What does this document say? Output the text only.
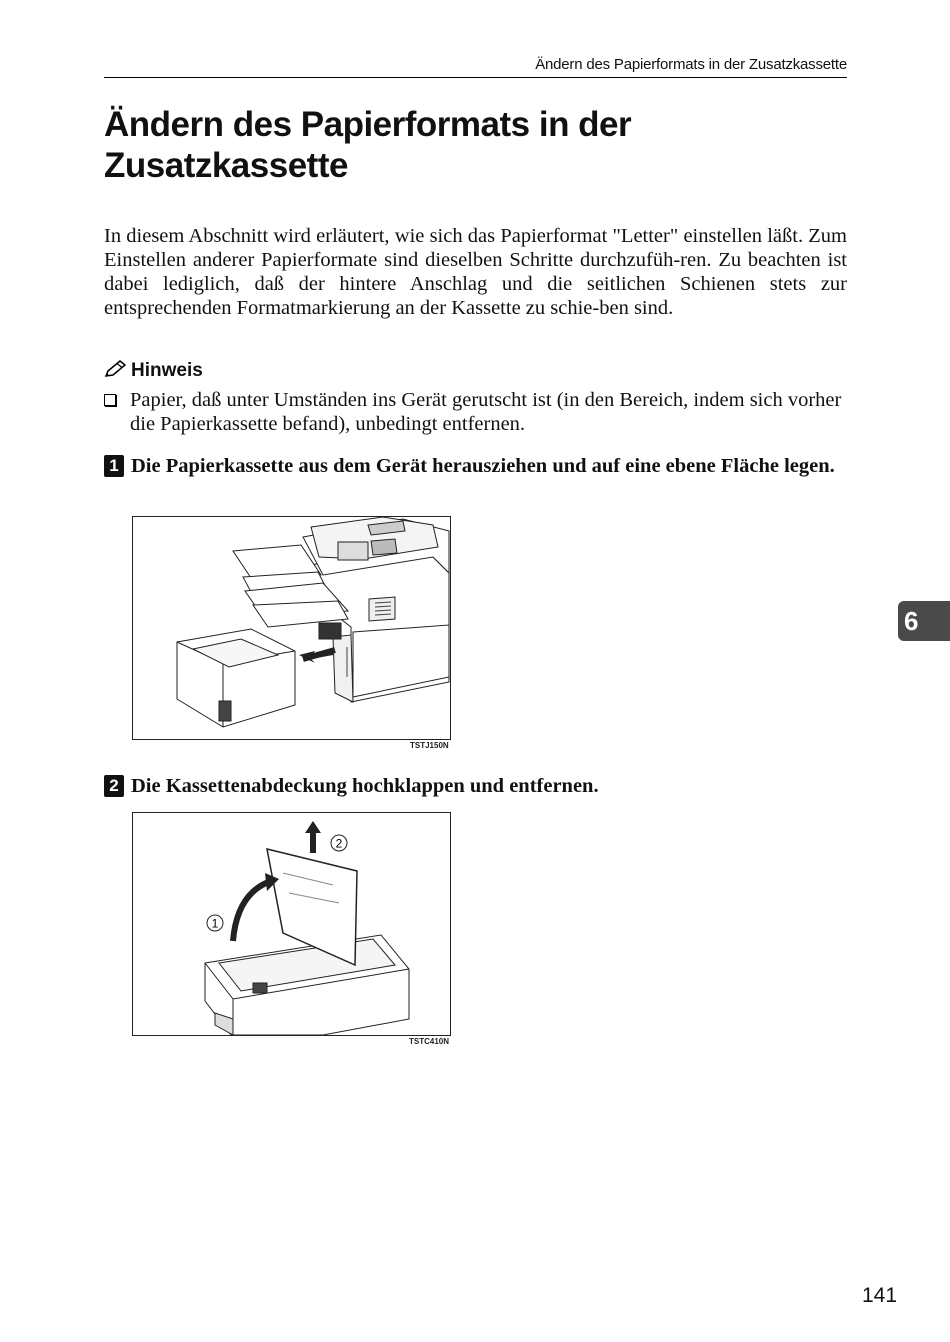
Ändern des Papierformats in der Zusatzkassette
Ändern des Papierformats in der Zusatzkassette

In diesem Abschnitt wird erläutert, wie sich das Papierformat "Letter" einstellen läßt. Zum Einstellen anderer Papierformate sind dieselben Schritte durchzufüh-ren. Zu beachten ist dabei lediglich, daß der hintere Anschlag und die seitlichen Schienen stets zur entsprechenden Formatmarkierung an der Kassette zu schie-ben sind.

Hinweis
Papier, daß unter Umständen ins Gerät gerutscht ist (in den Bereich, indem sich vorher die Papierkassette befand), unbedingt entfernen.
1 Die Papierkassette aus dem Gerät herausziehen und auf eine ebene Fläche legen.
TSTJ150N
2 Die Kassettenabdeckung hochklappen und entfernen.
1
2
TSTC410N
6
141
